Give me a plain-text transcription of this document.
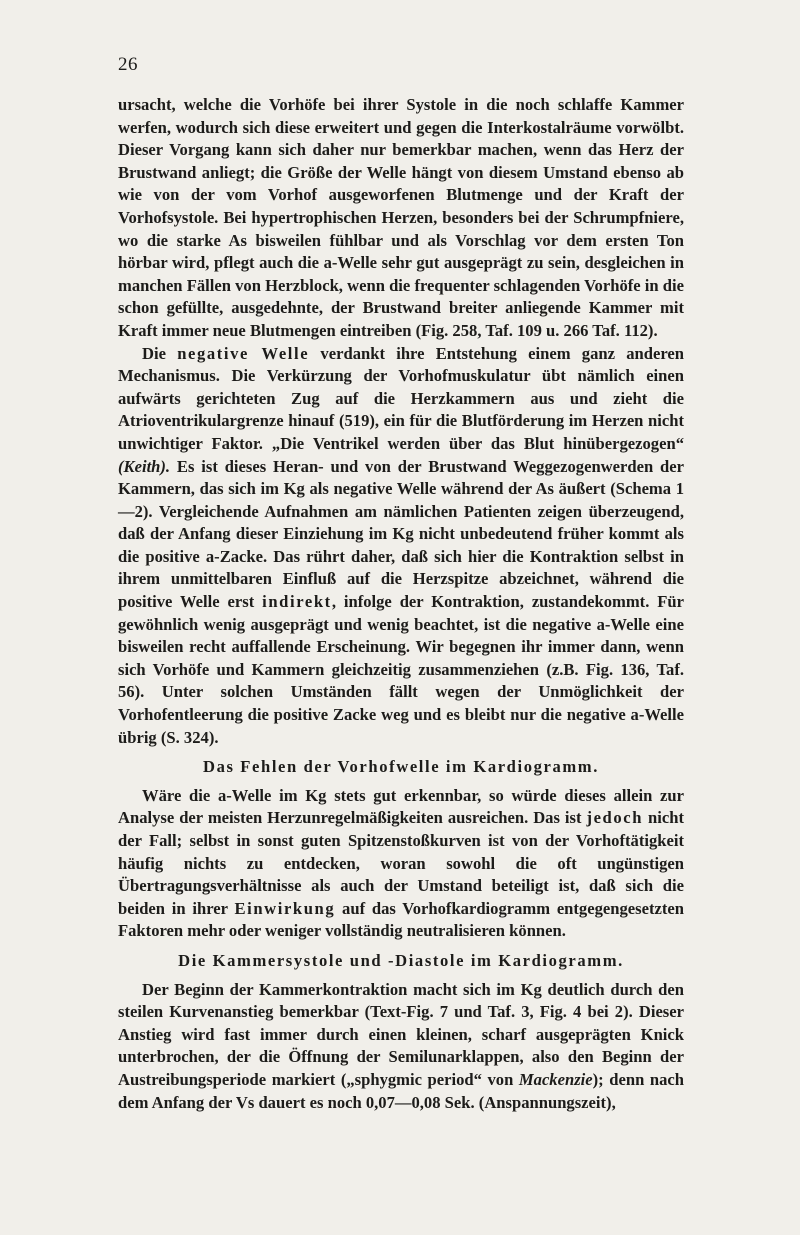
26

ursacht, welche die Vorhöfe bei ihrer Systole in die noch schlaffe Kammer werfen, wodurch sich diese erweitert und gegen die Interkostalräume vorwölbt. Dieser Vorgang kann sich daher nur bemerkbar machen, wenn das Herz der Brustwand anliegt; die Größe der Welle hängt von diesem Umstand ebenso ab wie von der vom Vorhof ausgeworfenen Blutmenge und der Kraft der Vorhofsystole. Bei hypertrophischen Herzen, besonders bei der Schrumpfniere, wo die starke As bisweilen fühlbar und als Vorschlag vor dem ersten Ton hörbar wird, pflegt auch die a-Welle sehr gut ausgeprägt zu sein, desgleichen in manchen Fällen von Herzblock, wenn die frequenter schlagenden Vorhöfe in die schon gefüllte, ausgedehnte, der Brustwand breiter anliegende Kammer mit Kraft immer neue Blutmengen eintreiben (Fig. 258, Taf. 109 u. 266 Taf. 112).

Die negative Welle verdankt ihre Entstehung einem ganz anderen Mechanismus. Die Verkürzung der Vorhofmuskulatur übt nämlich einen aufwärts gerichteten Zug auf die Herzkammern aus und zieht die Atrioventrikulargrenze hinauf (519), ein für die Blutförderung im Herzen nicht unwichtiger Faktor. „Die Ventrikel werden über das Blut hinübergezogen“ (Keith). Es ist dieses Heran- und von der Brustwand Weggezogenwerden der Kammern, das sich im Kg als negative Welle während der As äußert (Schema 1—2). Vergleichende Aufnahmen am nämlichen Patienten zeigen überzeugend, daß der Anfang dieser Einziehung im Kg nicht unbedeutend früher kommt als die positive a-Zacke. Das rührt daher, daß sich hier die Kontraktion selbst in ihrem unmittelbaren Einfluß auf die Herzspitze abzeichnet, während die positive Welle erst indirekt, infolge der Kontraktion, zustandekommt. Für gewöhnlich wenig ausgeprägt und wenig beachtet, ist die negative a-Welle eine bisweilen recht auffallende Erscheinung. Wir begegnen ihr immer dann, wenn sich Vorhöfe und Kammern gleichzeitig zusammenziehen (z.B. Fig. 136, Taf. 56). Unter solchen Umständen fällt wegen der Unmöglichkeit der Vorhofentleerung die positive Zacke weg und es bleibt nur die negative a-Welle übrig (S. 324).

Das Fehlen der Vorhofwelle im Kardiogramm.

Wäre die a-Welle im Kg stets gut erkennbar, so würde dieses allein zur Analyse der meisten Herzunregelmäßigkeiten ausreichen. Das ist jedoch nicht der Fall; selbst in sonst guten Spitzenstoßkurven ist von der Vorhoftätigkeit häufig nichts zu entdecken, woran sowohl die oft ungünstigen Übertragungsverhältnisse als auch der Umstand beteiligt ist, daß sich die beiden in ihrer Einwirkung auf das Vorhofkardiogramm entgegengesetzten Faktoren mehr oder weniger vollständig neutralisieren können.

Die Kammersystole und -Diastole im Kardiogramm.

Der Beginn der Kammerkontraktion macht sich im Kg deutlich durch den steilen Kurvenanstieg bemerkbar (Text-Fig. 7 und Taf. 3, Fig. 4 bei 2). Dieser Anstieg wird fast immer durch einen kleinen, scharf ausgeprägten Knick unterbrochen, der die Öffnung der Semilunarklappen, also den Beginn der Austreibungsperiode markiert („sphygmic period“ von Mackenzie); denn nach dem Anfang der Vs dauert es noch 0,07—0,08 Sek. (Anspannungszeit),
